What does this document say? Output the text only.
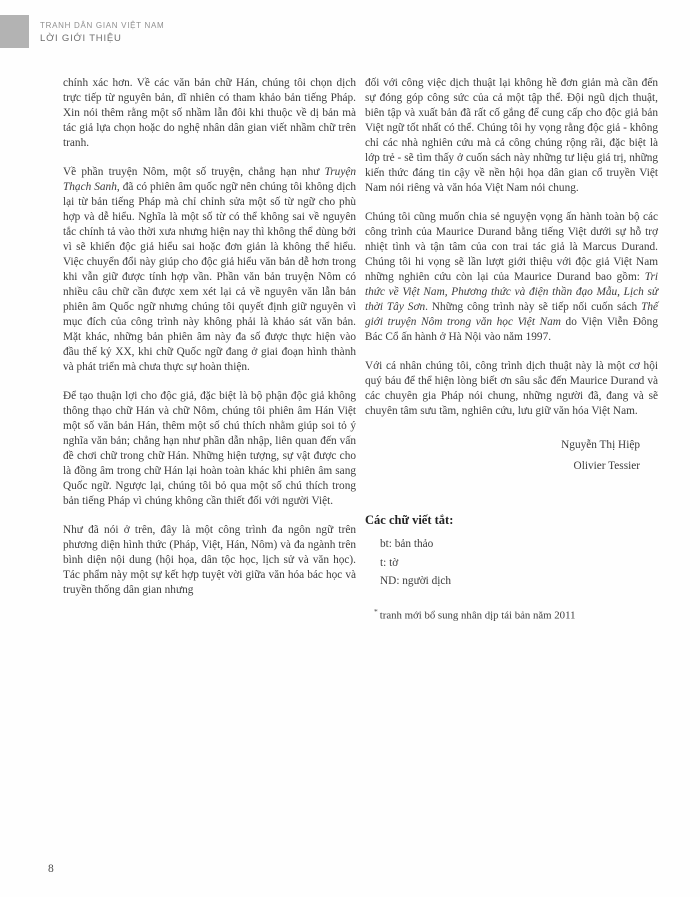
TRANH DÂN GIAN VIỆT NAM
LỜI GIỚI THIỆU

chính xác hơn. Về các văn bản chữ Hán, chúng tôi chọn dịch trực tiếp từ nguyên bản, dĩ nhiên có tham khảo bản tiếng Pháp. Xin nói thêm rằng một số nhầm lẫn đôi khi thuộc về dị bản mà tác giả lựa chọn hoặc do nghệ nhân dân gian viết nhầm chữ trên tranh.

Về phần truyện Nôm, một số truyện, chẳng hạn như Truyện Thạch Sanh, đã có phiên âm quốc ngữ nên chúng tôi không dịch lại từ bản tiếng Pháp mà chỉ chỉnh sửa một số từ ngữ cho phù hợp và dễ hiểu. Nghĩa là một số từ có thể không sai về nguyên tắc chính tả vào thời xưa nhưng hiện nay thì không thể dùng bởi vì sẽ khiến độc giả hiểu sai hoặc đơn giản là không thể hiểu. Việc chuyển đổi này giúp cho độc giả hiểu văn bản dễ hơn trong khi vẫn giữ được tính hợp vần. Phần văn bản truyện Nôm có nhiều câu chữ cần được xem xét lại cả về nguyên văn lẫn bản phiên âm Quốc ngữ nhưng chúng tôi quyết định giữ nguyên vì mục đích của công trình này không phải là khảo sát văn bản. Mặt khác, những bản phiên âm này đa số được thực hiện vào đầu thế kỷ XX, khi chữ Quốc ngữ đang ở giai đoạn hình thành và phát triển mà chưa thực sự hoàn thiện.

Để tạo thuận lợi cho độc giả, đặc biệt là bộ phận độc giả không thông thạo chữ Hán và chữ Nôm, chúng tôi phiên âm Hán Việt một số văn bản Hán, thêm một số chú thích nhằm giúp soi tỏ ý nghĩa văn bản; chẳng hạn như phần dẫn nhập, liên quan đến vấn đề chơi chữ trong chữ Hán. Những hiện tượng, sự vật được cho là đồng âm trong chữ Hán lại hoàn toàn khác khi phiên âm sang Quốc ngữ. Ngược lại, chúng tôi bỏ qua một số chú thích trong bản tiếng Pháp vì chúng không cần thiết đối với người Việt.

Như đã nói ở trên, đây là một công trình đa ngôn ngữ trên phương diện hình thức (Pháp, Việt, Hán, Nôm) và đa ngành trên bình diện nội dung (hội họa, dân tộc học, lịch sử và văn học). Tác phẩm này một sự kết hợp tuyệt vời giữa văn hóa bác học và truyền thống dân gian nhưng

đối với công việc dịch thuật lại không hề đơn giản mà cần đến sự đóng góp công sức của cả một tập thể. Đội ngũ dịch thuật, biên tập và xuất bản đã rất cố gắng để cung cấp cho độc giả bản Việt ngữ tốt nhất có thể. Chúng tôi hy vọng rằng độc giả - không chỉ các nhà nghiên cứu mà cả công chúng rộng rãi, đặc biệt là lớp trẻ - sẽ tìm thấy ở cuốn sách này những tư liệu giá trị, những kiến thức đáng tin cậy về nền hội họa dân gian cổ truyền Việt Nam nói riêng và văn hóa Việt Nam nói chung.

Chúng tôi cũng muốn chia sẻ nguyện vọng ấn hành toàn bộ các công trình của Maurice Durand bằng tiếng Việt dưới sự hỗ trợ nhiệt tình và tận tâm của con trai tác giả là Marcus Durand. Chúng tôi hi vọng sẽ lần lượt giới thiệu với độc giả Việt Nam những nghiên cứu còn lại của Maurice Durand bao gồm: Tri thức về Việt Nam, Phương thức và điện thần đạo Mẫu, Lịch sử thời Tây Sơn. Những công trình này sẽ tiếp nối cuốn sách Thế giới truyện Nôm trong văn học Việt Nam do Viện Viễn Đông Bác Cổ ấn hành ở Hà Nội vào năm 1997.

Với cá nhân chúng tôi, công trình dịch thuật này là một cơ hội quý báu để thể hiện lòng biết ơn sâu sắc đến Maurice Durand và các chuyên gia Pháp nói chung, những người đã, đang và sẽ chuyên tâm sưu tầm, nghiên cứu, lưu giữ văn hóa Việt Nam.

Nguyễn Thị Hiệp
Olivier Tessier
Các chữ viết tắt:
bt: bản thảo
t: tờ
ND: người dịch
* tranh mới bổ sung nhân dịp tái bản năm 2011
8
